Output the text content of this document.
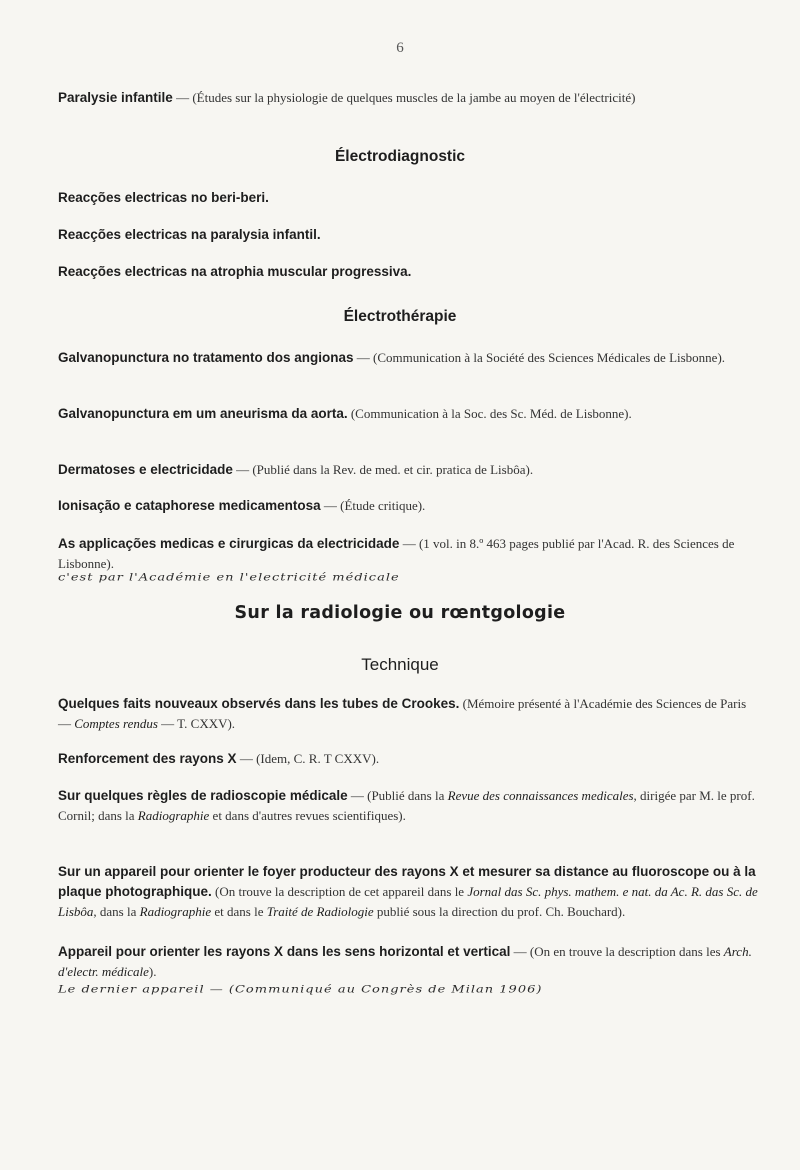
6
Paralysie infantile — (Études sur la physiologie de quelques muscles de la jambe au moyen de l'électricité)
Électrodiagnostic
Reacções electricas no beri-beri.
Reacções electricas na paralysia infantil.
Reacções electricas na atrophia muscular progressiva.
Électrothérapie
Galvanopunctura no tratamento dos angionas — (Communication à la Société des Sciences Médicales de Lisbonne).
Galvanopunctura em um aneurisma da aorta. (Communication à la Soc. des Sc. Méd. de Lisbonne).
Dermatoses e electricidade — (Publié dans la Rev. de med. et cir. pratica de Lisbôa).
Ionisação e cataphorese medicamentosa — (Étude critique).
As applicações medicas e cirurgicas da electricidade — (1 vol. in 8.º 463 pages publié par l'Acad. R. des Sciences de Lisbonne).
c'est par l'Académie en l'electricité médicale
Sur la radiologie ou rœntgologie
Technique
Quelques faits nouveaux observés dans les tubes de Crookes. (Mémoire présenté à l'Académie des Sciences de Paris — Comptes rendus — T. CXXV).
Renforcement des rayons X — (Idem, C. R. T CXXV).
Sur quelques règles de radioscopie médicale — (Publié dans la Revue des connaissances medicales, dirigée par M. le prof. Cornil; dans la Radiographie et dans d'autres revues scientifiques).
Sur un appareil pour orienter le foyer producteur des rayons X et mesurer sa distance au fluoroscope ou à la plaque photographique. (On trouve la description de cet appareil dans le Jornal das Sc. phys. mathem. e nat. da Ac. R. das Sc. de Lisbôa, dans la Radiographie et dans le Traité de Radiologie publié sous la direction du prof. Ch. Bouchard).
Appareil pour orienter les rayons X dans les sens horizontal et vertical — (On en trouve la description dans les Arch. d'electr. médicale).
Le dernier appareil — (Communiqué au Congrès de Milan 1906)
